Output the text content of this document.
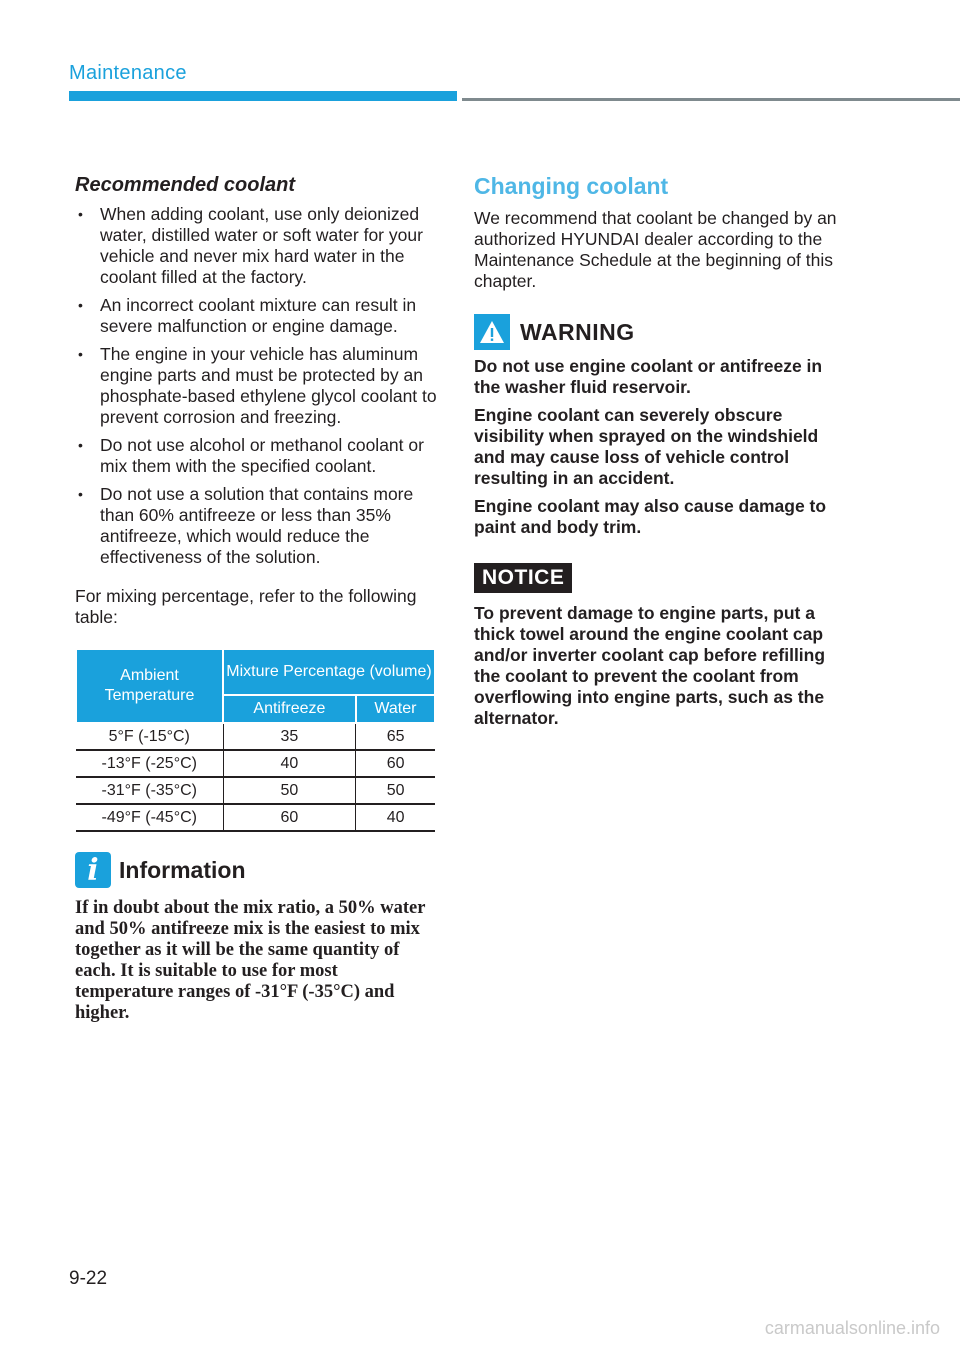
Maintenance
Recommended coolant
• When adding coolant, use only deionized water, distilled water or soft water for your vehicle and never mix hard water in the coolant filled at the factory.
• An incorrect coolant mixture can result in severe malfunction or engine damage.
• The engine in your vehicle has aluminum engine parts and must be protected by an phosphate-based ethylene glycol coolant to prevent corrosion and freezing.
• Do not use alcohol or methanol coolant or mix them with the specified coolant.
• Do not use a solution that contains more than 60% antifreeze or less than 35% antifreeze, which would reduce the effectiveness of the solution.

For mixing percentage, refer to the following table:

Ambient Temperature	Mixture Percentage (volume)	
	Antifreeze	Water
5°F (-15°C)	35	65
-13°F (-25°C)	40	60
-31°F (-35°C)	50	50
-49°F (-45°C)	60	40
i Information

If in doubt about the mix ratio, a 50% water and 50% antifreeze mix is the easiest to mix together as it will be the same quantity of each. It is suitable to use for most temperature ranges of -31°F (-35°C) and higher.

Changing coolant

We recommend that coolant be changed by an authorized HYUNDAI dealer according to the Maintenance Schedule at the beginning of this chapter.

WARNING

Do not use engine coolant or antifreeze in the washer fluid reservoir.

Engine coolant can severely obscure visibility when sprayed on the windshield and may cause loss of vehicle control resulting in an accident.

Engine coolant may also cause damage to paint and body trim.

NOTICE

To prevent damage to engine parts, put a thick towel around the engine coolant cap and/or inverter coolant cap before refilling the coolant to prevent the coolant from overflowing into engine parts, such as the alternator.

9-22
carmanualsonline.info
